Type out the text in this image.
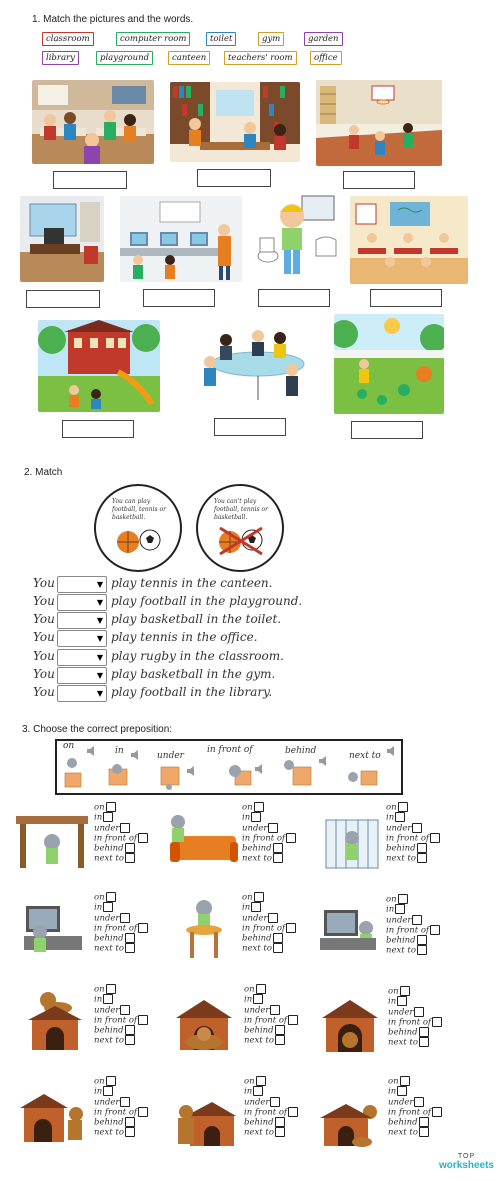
1. Match the pictures and the words.
classroom	computer room	toilet	gym	garden
library	playground	canteen	teachers' room	office
2. Match
You can play football, tennis or basketball.
You can't play football, tennis or basketball.
You	▼ play tennis in the canteen.
You	▼ play football in the playground.
You	▼ play basketball in the toilet.
You	▼ play tennis in the office.
You	▼ play rugby in the classroom.
You	▼ play basketball in the gym.
You	▼ play football in the library.
3. Choose the correct preposition:
on	in	under
in front of	behind	next to
on
in
under
in front of
behind
next to
on
in
under
in front of
behind
next to
on
in
under
in front of
behind
next to
on
in
under
in front of
behind
next to
on
in
under
in front of
behind
next to
on
in
under
in front of
behind
next to
on
in
under
in front of
behind
next to
on
in
under
in front of
behind
next to
on
in
under
in front of
behind
next to
on
in
under
in front of
behind
next to
on
in
under
in front of
behind
next to
on
in
under
in front of
behind
next to
TOP
worksheets
